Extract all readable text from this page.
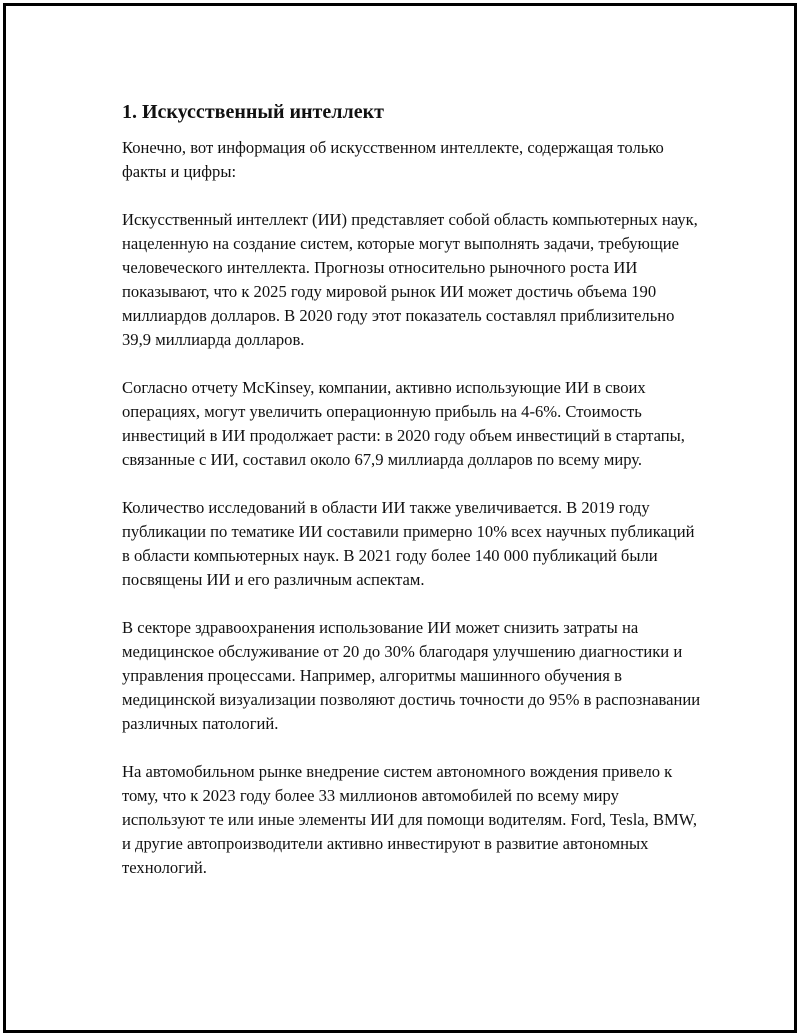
1. Искусственный интеллект

Конечно, вот информация об искусственном интеллекте, содержащая только факты и цифры:

Искусственный интеллект (ИИ) представляет собой область компьютерных наук, нацеленную на создание систем, которые могут выполнять задачи, требующие человеческого интеллекта. Прогнозы относительно рыночного роста ИИ показывают, что к 2025 году мировой рынок ИИ может достичь объема 190 миллиардов долларов. В 2020 году этот показатель составлял приблизительно 39,9 миллиарда долларов.

Согласно отчету McKinsey, компании, активно использующие ИИ в своих операциях, могут увеличить операционную прибыль на 4-6%. Стоимость инвестиций в ИИ продолжает расти: в 2020 году объем инвестиций в стартапы, связанные с ИИ, составил около 67,9 миллиарда долларов по всему миру.

Количество исследований в области ИИ также увеличивается. В 2019 году публикации по тематике ИИ составили примерно 10% всех научных публикаций в области компьютерных наук. В 2021 году более 140 000 публикаций были посвящены ИИ и его различным аспектам.

В секторе здравоохранения использование ИИ может снизить затраты на медицинское обслуживание от 20 до 30% благодаря улучшению диагностики и управления процессами. Например, алгоритмы машинного обучения в медицинской визуализации позволяют достичь точности до 95% в распознавании различных патологий.

На автомобильном рынке внедрение систем автономного вождения привело к тому, что к 2023 году более 33 миллионов автомобилей по всему миру используют те или иные элементы ИИ для помощи водителям. Ford, Tesla, BMW, и другие автопроизводители активно инвестируют в развитие автономных технологий.
